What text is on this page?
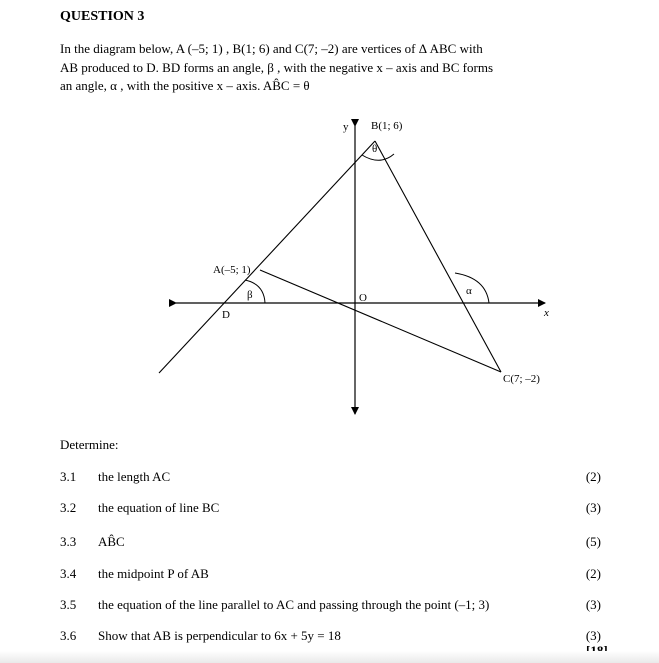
QUESTION 3

In the diagram below, A (–5; 1) , B(1; 6) and C(7; –2) are vertices of Δ ABC with

AB produced to D. BD forms an angle, β , with the negative x – axis and BC forms

an angle, α , with the positive x – axis. AB̂C = θ

y
x
O
A(–5; 1)
B(1; 6)
C(7; –2)
D
β	α
θ
Determine:
3.1 the length AC	(2)
3.2 the equation of line BC	(3)
3.3 AB̂C	(5)
3.4 the midpoint P of AB	(2)
3.5 the equation of the line parallel to AC and passing through the point (–1; 3)	(3)
3.6 Show that AB is perpendicular to 6x + 5y = 18	(3)
